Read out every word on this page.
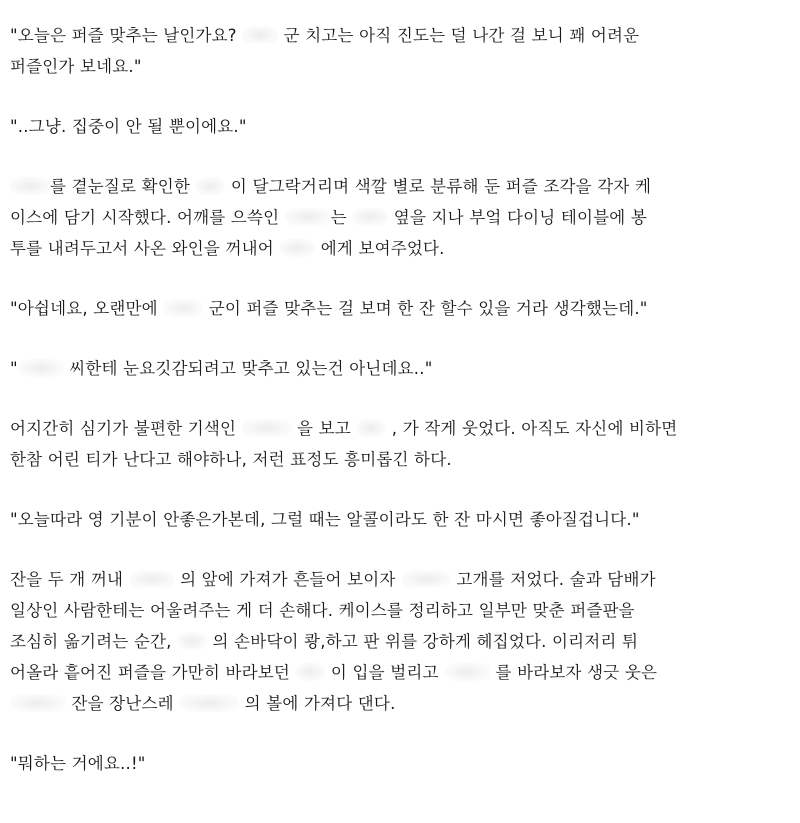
"오늘은 퍼즐 맞추는 날인가요?  군 치고는 아직 진도는 덜 나간 걸 보니 꽤 어려운
퍼즐인가 보네요."

"..그냥. 집중이 안 될 뿐이에요."

를 곁눈질로 확인한  이 달그락거리며 색깔 별로 분류해 둔 퍼즐 조각을 각자 케
이스에 담기 시작했다. 어깨를 으쓱인	는  옆을 지나 부엌 다이닝 테이블에 봉
투를 내려두고서 사온 와인을 꺼내어  에게 보여주었다.

"아쉽네요, 오랜만에  군이 퍼즐 맞추는 걸 보며 한 잔 할수 있을 거라 생각했는데."

"	씨한테 눈요깃감되려고 맞추고 있는건 아닌데요.."

어지간히 심기가 불편한 기색인	을 보고  , 가 작게 웃었다. 아직도 자신에 비하면
한참 어린 티가 난다고 해야하나, 저런 표정도 흥미롭긴 하다.

"오늘따라 영 기분이 안좋은가본데, 그럴 때는 알콜이라도 한 잔 마시면 좋아질겁니다."

잔을 두 개 꺼내	의 앞에 가져가 흔들어 보이자	고개를 저었다. 술과 담배가
일상인 사람한테는 어울려주는 게 더 손해다. 케이스를 정리하고 일부만 맞춘 퍼즐판을
조심히 옮기려는 순간,  의 손바닥이 쾅,하고 판 위를 강하게 헤집었다. 이리저리 튀
어올라 흩어진 퍼즐을 가만히 바라보던  이 입을 벌리고	를 바라보자 생긋 웃은
잔을 장난스레	의 볼에 가져다 댄다.

"뭐하는 거에요..!"
